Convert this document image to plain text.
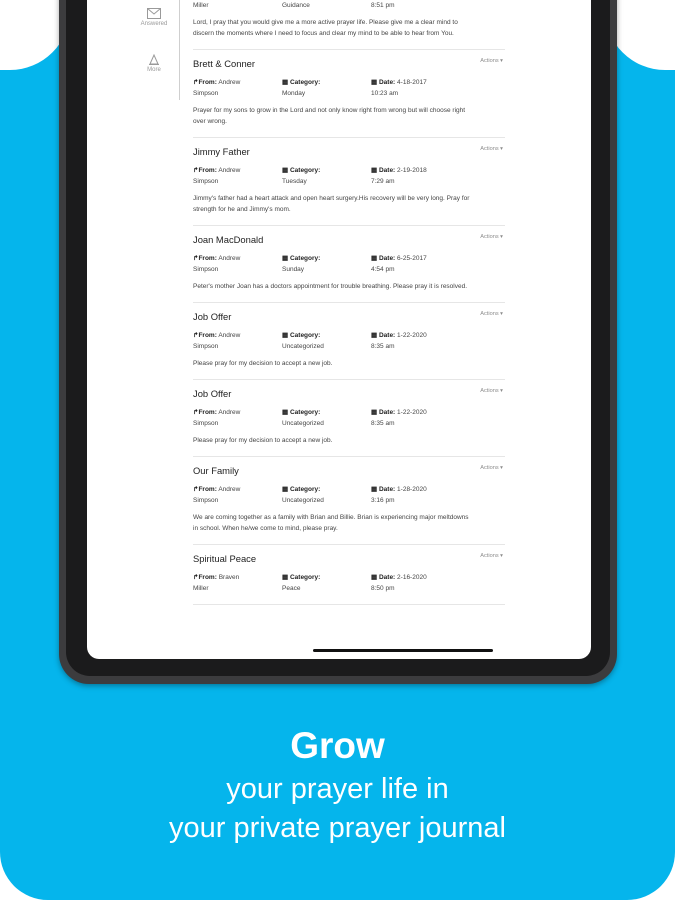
Answered
More

Miller	Guidance	8:51 pm
Lord, I pray that you would give me a more active prayer life. Please give me a clear mind to discern the moments where I need to focus and clear my mind to be able to hear from You.
Brett & Conner	Actions ▾
↱From: Andrew
Simpson
▦ Category:
Monday
▦ Date: 4-18-2017
10:23 am
Prayer for my sons to grow in the Lord and not only know right from wrong but will choose right over wrong.
Jimmy Father	Actions ▾
↱From: Andrew
Simpson
▦ Category:
Tuesday
▦ Date: 2-19-2018
7:29 am
Jimmy's father had a heart attack and open heart surgery.His recovery will be very long. Pray for strength for he and Jimmy's mom.
Joan MacDonald	Actions ▾
↱From: Andrew
Simpson
▦ Category:
Sunday
▦ Date: 6-25-2017
4:54 pm
Peter's mother Joan has a doctors appointment for trouble breathing. Please pray it is resolved.
Job Offer	Actions ▾
↱From: Andrew
Simpson
▦ Category:
Uncategorized
▦ Date: 1-22-2020
8:35 am
Please pray for my decision to accept a new job.
Job Offer	Actions ▾
↱From: Andrew
Simpson
▦ Category:
Uncategorized
▦ Date: 1-22-2020
8:35 am
Please pray for my decision to accept a new job.
Our Family	Actions ▾
↱From: Andrew
Simpson
▦ Category:
Uncategorized
▦ Date: 1-28-2020
3:16 pm
We are coming together as a family with Brian and Billie. Brian is experiencing major meltdowns in school. When he/we come to mind, please pray.
Spiritual Peace	Actions ▾
↱From: Braven
Miller
▦ Category:
Peace
▦ Date: 2-16-2020
8:50 pm
Grow
your prayer life in
your private prayer journal
